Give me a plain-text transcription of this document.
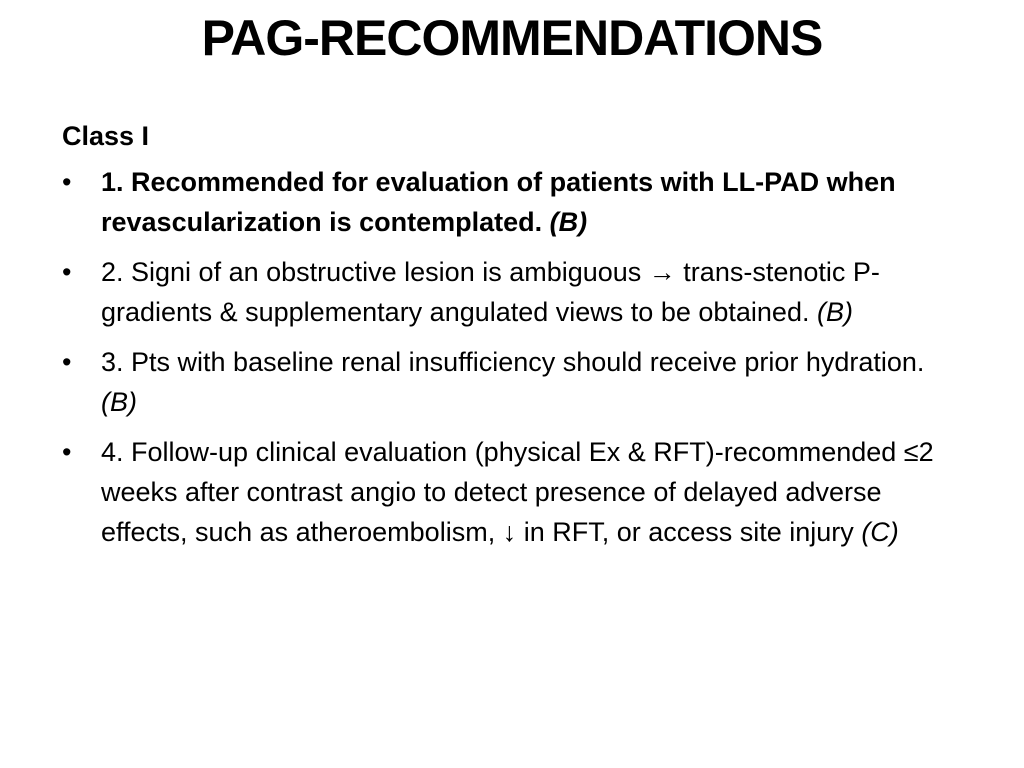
PAG-RECOMMENDATIONS
Class I
•	1. Recommended for evaluation of patients with LL-PAD when revascularization is contemplated. (B)
•	2. Signi of an obstructive lesion is ambiguous → trans-stenotic P-gradients & supplementary angulated views to be obtained. (B)
•	3. Pts with baseline renal insufficiency should receive prior hydration. (B)
•	4. Follow-up clinical evaluation (physical Ex & RFT)-recommended ≤2 weeks after contrast angio to detect presence of delayed adverse effects, such as atheroembolism, ↓ in RFT, or access site injury (C)
